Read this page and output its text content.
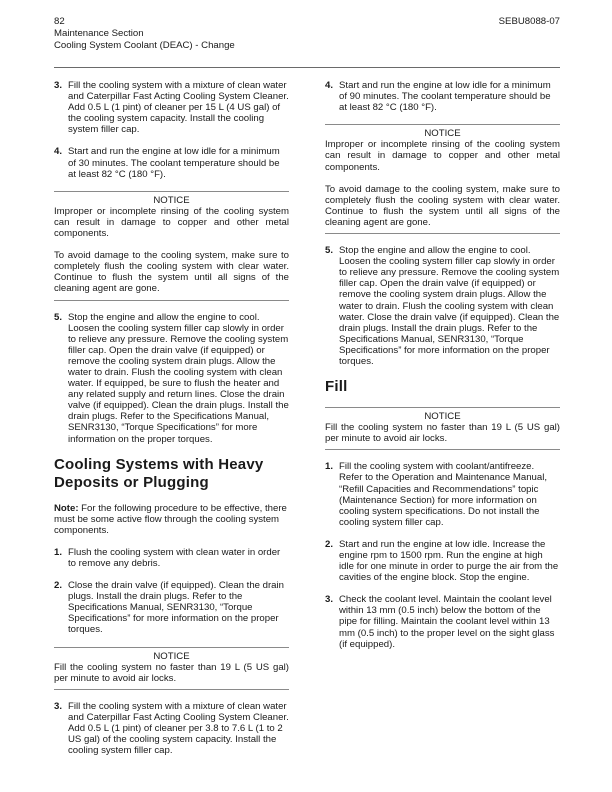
82
Maintenance Section
Cooling System Coolant (DEAC) - Change
SEBU8088-07
3. Fill the cooling system with a mixture of clean water and Caterpillar Fast Acting Cooling System Cleaner. Add 0.5 L (1 pint) of cleaner per 15 L (4 US gal) of the cooling system capacity. Install the cooling system filler cap.
4. Start and run the engine at low idle for a minimum of 30 minutes. The coolant temperature should be at least 82 °C (180 °F).
NOTICE

Improper or incomplete rinsing of the cooling system can result in damage to copper and other metal components.

To avoid damage to the cooling system, make sure to completely flush the cooling system with clear water. Continue to flush the system until all signs of the cleaning agent are gone.

5. Stop the engine and allow the engine to cool. Loosen the cooling system filler cap slowly in order to relieve any pressure. Remove the cooling system filler cap. Open the drain valve (if equipped) or remove the cooling system drain plugs. Allow the water to drain. Flush the cooling system with clean water. If equipped, be sure to flush the heater and any related supply and return lines. Close the drain valve (if equipped). Clean the drain plugs. Install the drain plugs. Refer to the Specifications Manual, SENR3130, “Torque Specifications” for more information on the proper torques.
Cooling Systems with Heavy Deposits or Plugging

Note: For the following procedure to be effective, there must be some active flow through the cooling system components.

1. Flush the cooling system with clean water in order to remove any debris.
2. Close the drain valve (if equipped). Clean the drain plugs. Install the drain plugs. Refer to the Specifications Manual, SENR3130, “Torque Specifications” for more information on the proper torques.
NOTICE

Fill the cooling system no faster than 19 L (5 US gal) per minute to avoid air locks.

3. Fill the cooling system with a mixture of clean water and Caterpillar Fast Acting Cooling System Cleaner. Add 0.5 L (1 pint) of cleaner per 3.8 to 7.6 L (1 to 2 US gal) of the cooling system capacity. Install the cooling system filler cap.
4. Start and run the engine at low idle for a minimum of 90 minutes. The coolant temperature should be at least 82 °C (180 °F).
NOTICE

Improper or incomplete rinsing of the cooling system can result in damage to copper and other metal components.

To avoid damage to the cooling system, make sure to completely flush the cooling system with clear water. Continue to flush the system until all signs of the cleaning agent are gone.

5. Stop the engine and allow the engine to cool. Loosen the cooling system filler cap slowly in order to relieve any pressure. Remove the cooling system filler cap. Open the drain valve (if equipped) or remove the cooling system drain plugs. Allow the water to drain. Flush the cooling system with clean water. Close the drain valve (if equipped). Clean the drain plugs. Install the drain plugs. Refer to the Specifications Manual, SENR3130, “Torque Specifications” for more information on the proper torques.
Fill
NOTICE

Fill the cooling system no faster than 19 L (5 US gal) per minute to avoid air locks.

1. Fill the cooling system with coolant/antifreeze. Refer to the Operation and Maintenance Manual, “Refill Capacities and Recommendations” topic (Maintenance Section) for more information on cooling system specifications. Do not install the cooling system filler cap.
2. Start and run the engine at low idle. Increase the engine rpm to 1500 rpm. Run the engine at high idle for one minute in order to purge the air from the cavities of the engine block. Stop the engine.
3. Check the coolant level. Maintain the coolant level within 13 mm (0.5 inch) below the bottom of the pipe for filling. Maintain the coolant level within 13 mm (0.5 inch) to the proper level on the sight glass (if equipped).
